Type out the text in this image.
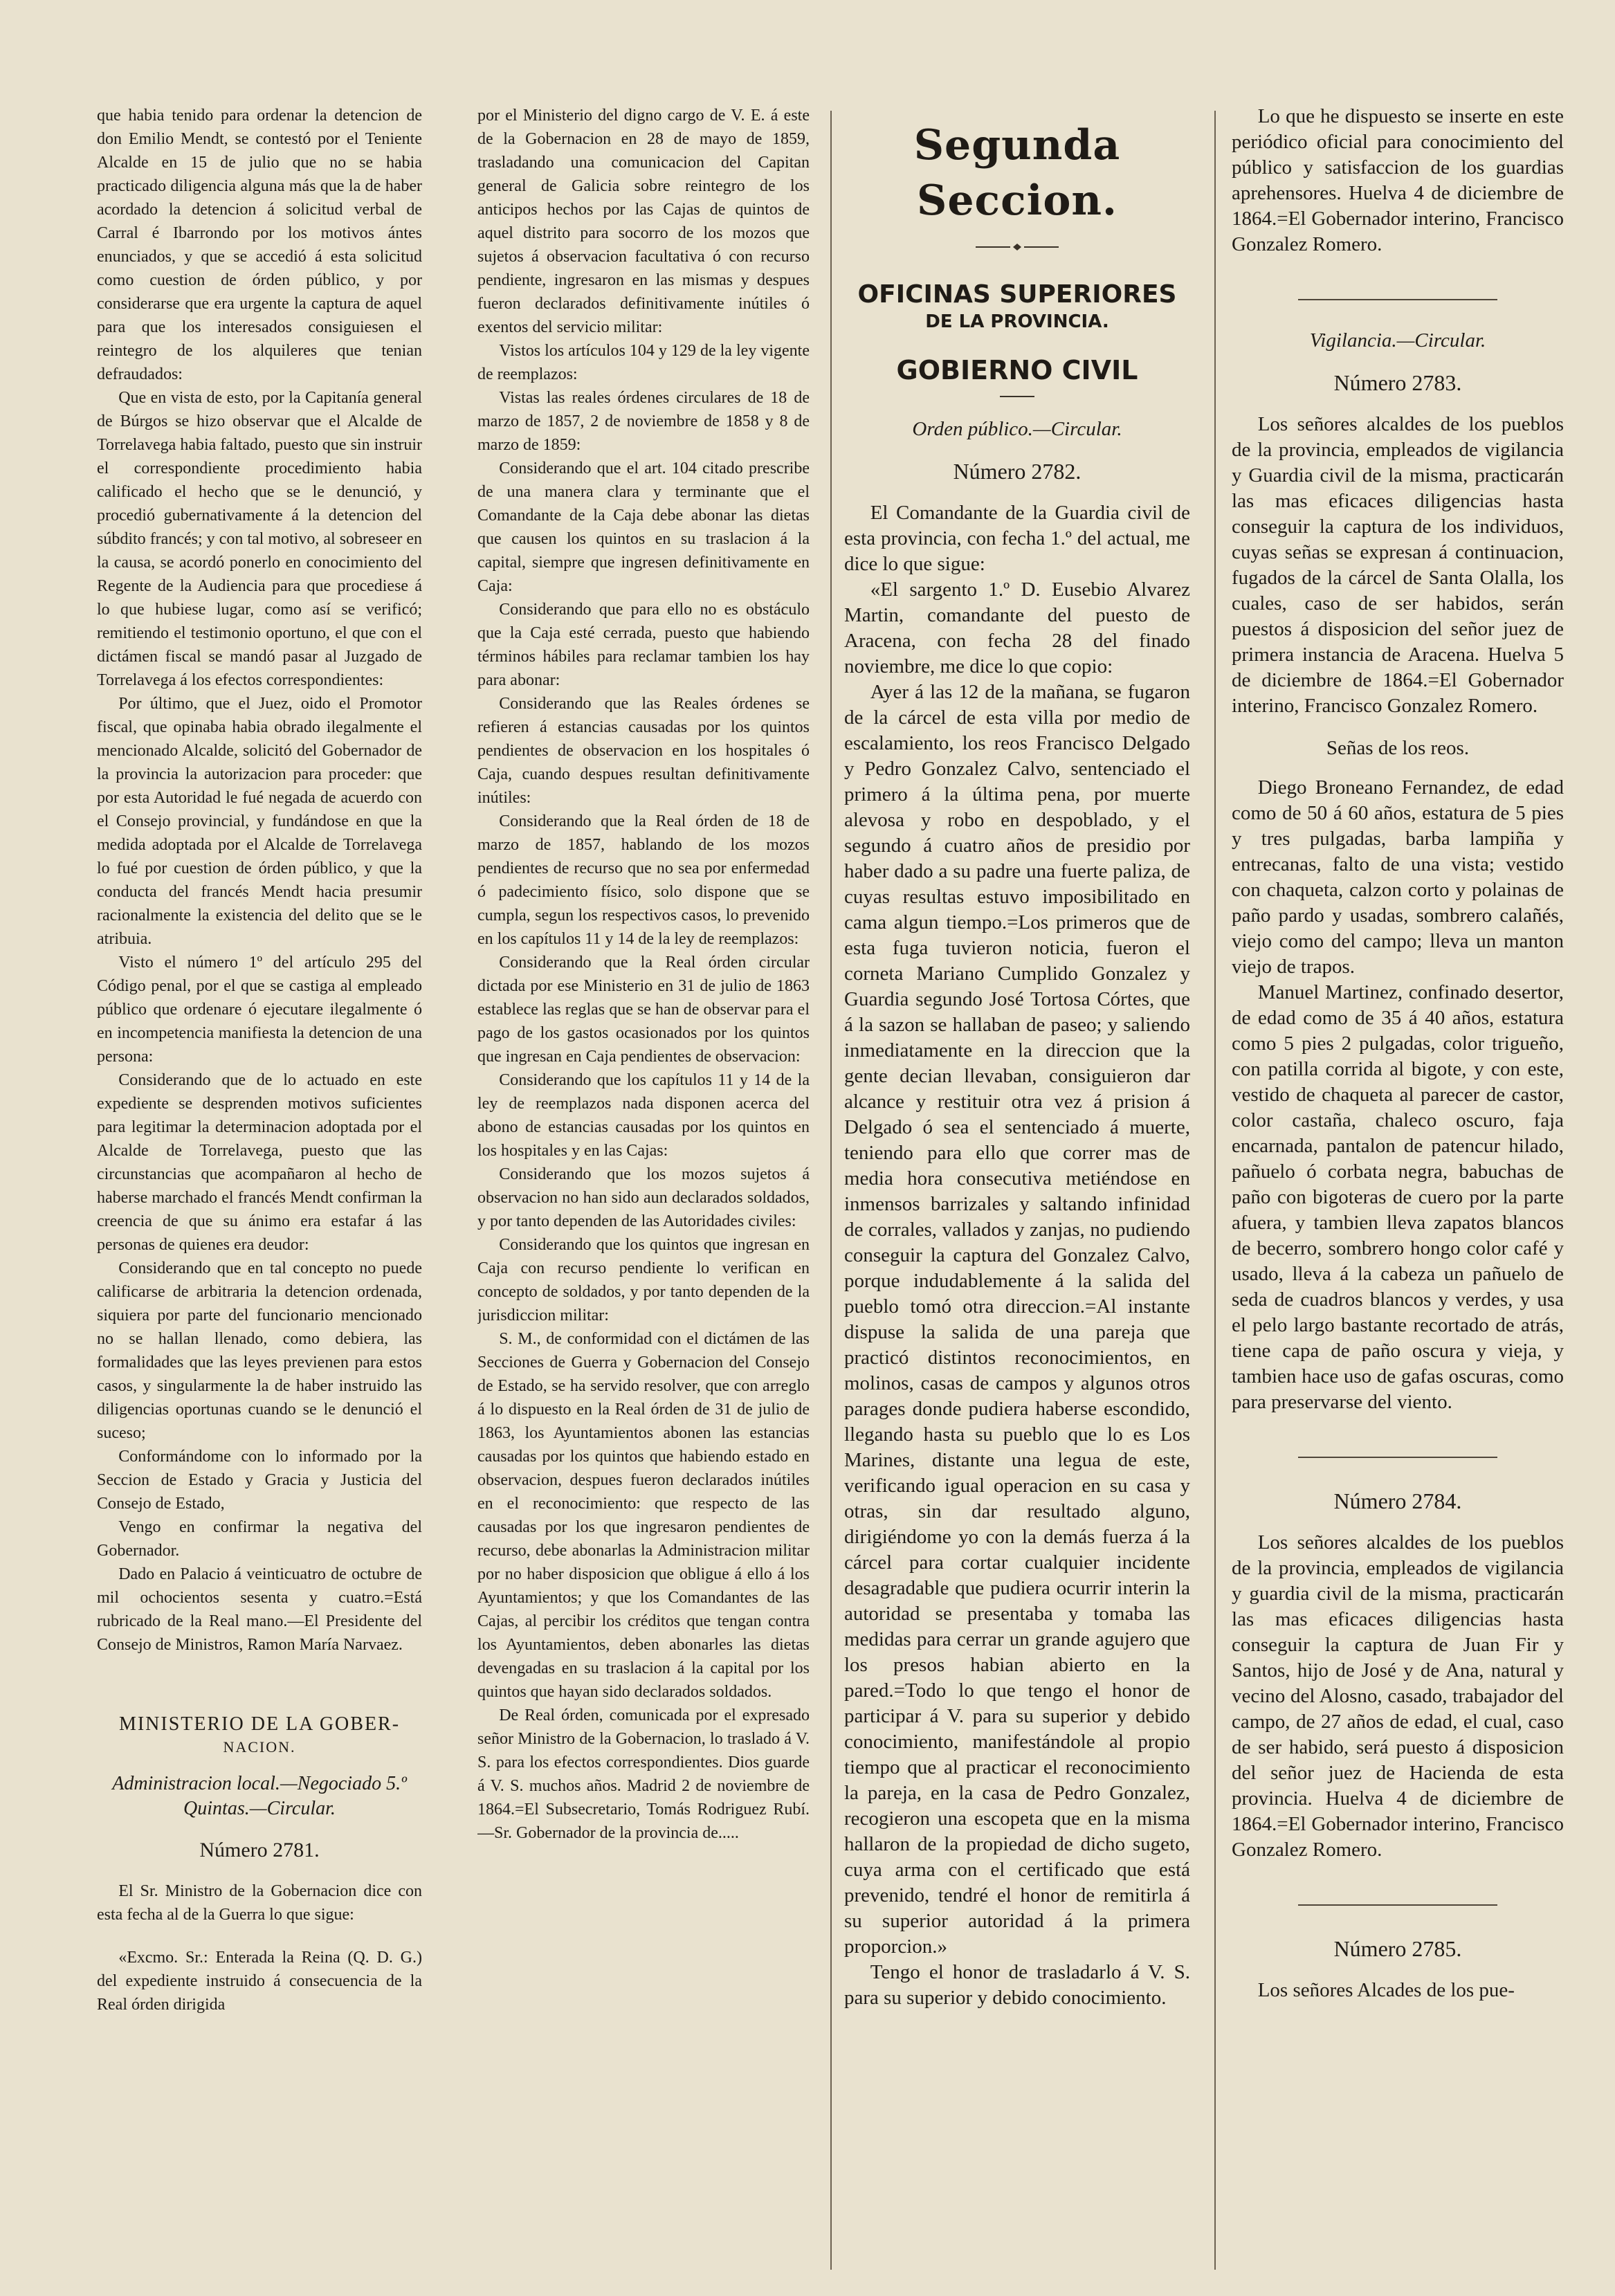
que habia tenido para ordenar la detencion de don Emilio Mendt, se contestó por el Teniente Alcalde en 15 de julio que no se habia practicado diligencia alguna más que la de haber acordado la detencion á solicitud verbal de Carral é Ibarrondo por los motivos ántes enunciados, y que se accedió á esta solicitud como cuestion de órden público, y por considerarse que era urgente la captura de aquel para que los interesados consiguiesen el reintegro de los alquileres que tenian defraudados:

Que en vista de esto, por la Capitanía general de Búrgos se hizo observar que el Alcalde de Torrelavega habia faltado, puesto que sin instruir el correspondiente procedimiento habia calificado el hecho que se le denunció, y procedió gubernativamente á la detencion del súbdito francés; y con tal motivo, al sobreseer en la causa, se acordó ponerlo en conocimiento del Regente de la Audiencia para que procediese á lo que hubiese lugar, como así se verificó; remitiendo el testimonio oportuno, el que con el dictámen fiscal se mandó pasar al Juzgado de Torrelavega á los efectos correspondientes:

Por último, que el Juez, oido el Promotor fiscal, que opinaba habia obrado ilegalmente el mencionado Alcalde, solicitó del Gobernador de la provincia la autorizacion para proceder: que por esta Autoridad le fué negada de acuerdo con el Consejo provincial, y fundándose en que la medida adoptada por el Alcalde de Torrelavega lo fué por cuestion de órden público, y que la conducta del francés Mendt hacia presumir racionalmente la existencia del delito que se le atribuia.

Visto el número 1º del artículo 295 del Código penal, por el que se castiga al empleado público que ordenare ó ejecutare ilegalmente ó en incompetencia manifiesta la detencion de una persona:

Considerando que de lo actuado en este expediente se desprenden motivos suficientes para legitimar la determinacion adoptada por el Alcalde de Torrelavega, puesto que las circunstancias que acompañaron al hecho de haberse marchado el francés Mendt confirman la creencia de que su ánimo era estafar á las personas de quienes era deudor:

Considerando que en tal concepto no puede calificarse de arbitraria la detencion ordenada, siquiera por parte del funcionario mencionado no se hallan llenado, como debiera, las formalidades que las leyes previenen para estos casos, y singularmente la de haber instruido las diligencias oportunas cuando se le denunció el suceso;

Conformándome con lo informado por la Seccion de Estado y Gracia y Justicia del Consejo de Estado,

Vengo en confirmar la negativa del Gobernador.

Dado en Palacio á veinticuatro de octubre de mil ochocientos sesenta y cuatro.=Está rubricado de la Real mano.—El Presidente del Consejo de Ministros, Ramon María Narvaez.

MINISTERIO DE LA GOBER-
NACION.
Administracion local.—Negociado 5.º Quintas.—Circular.
Número 2781.

El Sr. Ministro de la Gobernacion dice con esta fecha al de la Guerra lo que sigue:

«Excmo. Sr.: Enterada la Reina (Q. D. G.) del expediente instruido á consecuencia de la Real órden dirigida

por el Ministerio del digno cargo de V. E. á este de la Gobernacion en 28 de mayo de 1859, trasladando una comunicacion del Capitan general de Galicia sobre reintegro de los anticipos hechos por las Cajas de quintos de aquel distrito para socorro de los mozos que sujetos á observacion facultativa ó con recurso pendiente, ingresaron en las mismas y despues fueron declarados definitivamente inútiles ó exentos del servicio militar:

Vistos los artículos 104 y 129 de la ley vigente de reemplazos:

Vistas las reales órdenes circulares de 18 de marzo de 1857, 2 de noviembre de 1858 y 8 de marzo de 1859:

Considerando que el art. 104 citado prescribe de una manera clara y terminante que el Comandante de la Caja debe abonar las dietas que causen los quintos en su traslacion á la capital, siempre que ingresen definitivamente en Caja:

Considerando que para ello no es obstáculo que la Caja esté cerrada, puesto que habiendo términos hábiles para reclamar tambien los hay para abonar:

Considerando que las Reales órdenes se refieren á estancias causadas por los quintos pendientes de observacion en los hospitales ó Caja, cuando despues resultan definitivamente inútiles:

Considerando que la Real órden de 18 de marzo de 1857, hablando de los mozos pendientes de recurso que no sea por enfermedad ó padecimiento físico, solo dispone que se cumpla, segun los respectivos casos, lo prevenido en los capítulos 11 y 14 de la ley de reemplazos:

Considerando que la Real órden circular dictada por ese Ministerio en 31 de julio de 1863 establece las reglas que se han de observar para el pago de los gastos ocasionados por los quintos que ingresan en Caja pendientes de observacion:

Considerando que los capítulos 11 y 14 de la ley de reemplazos nada disponen acerca del abono de estancias causadas por los quintos en los hospitales y en las Cajas:

Considerando que los mozos sujetos á observacion no han sido aun declarados soldados, y por tanto dependen de las Autoridades civiles:

Considerando que los quintos que ingresan en Caja con recurso pendiente lo verifican en concepto de soldados, y por tanto dependen de la jurisdiccion militar:

S. M., de conformidad con el dictámen de las Secciones de Guerra y Gobernacion del Consejo de Estado, se ha servido resolver, que con arreglo á lo dispuesto en la Real órden de 31 de julio de 1863, los Ayuntamientos abonen las estancias causadas por los quintos que habiendo estado en observacion, despues fueron declarados inútiles en el reconocimiento: que respecto de las causadas por los que ingresaron pendientes de recurso, debe abonarlas la Administracion militar por no haber disposicion que obligue á ello á los Ayuntamientos; y que los Comandantes de las Cajas, al percibir los créditos que tengan contra los Ayuntamientos, deben abonarles las dietas devengadas en su traslacion á la capital por los quintos que hayan sido declarados soldados.

De Real órden, comunicada por el expresado señor Ministro de la Gobernacion, lo traslado á V. S. para los efectos correspondientes. Dios guarde á V. S. muchos años. Madrid 2 de noviembre de 1864.=El Subsecretario, Tomás Rodriguez Rubí.—Sr. Gobernador de la provincia de.....

Segunda Seccion.
OFICINAS SUPERIORES
DE LA PROVINCIA.
GOBIERNO CIVIL
Orden público.—Circular.
Número 2782.

El Comandante de la Guardia civil de esta provincia, con fecha 1.º del actual, me dice lo que sigue:

«El sargento 1.º D. Eusebio Alvarez Martin, comandante del puesto de Aracena, con fecha 28 del finado noviembre, me dice lo que copio:

Ayer á las 12 de la mañana, se fugaron de la cárcel de esta villa por medio de escalamiento, los reos Francisco Delgado y Pedro Gonzalez Calvo, sentenciado el primero á la última pena, por muerte alevosa y robo en despoblado, y el segundo á cuatro años de presidio por haber dado a su padre una fuerte paliza, de cuyas resultas estuvo imposibilitado en cama algun tiempo.=Los primeros que de esta fuga tuvieron noticia, fueron el corneta Mariano Cumplido Gonzalez y Guardia segundo José Tortosa Córtes, que á la sazon se hallaban de paseo; y saliendo inmediatamente en la direccion que la gente decian llevaban, consiguieron dar alcance y restituir otra vez á prision á Delgado ó sea el sentenciado á muerte, teniendo para ello que correr mas de media hora consecutiva metiéndose en inmensos barrizales y saltando infinidad de corrales, vallados y zanjas, no pudiendo conseguir la captura del Gonzalez Calvo, porque indudablemente á la salida del pueblo tomó otra direccion.=Al instante dispuse la salida de una pareja que practicó distintos reconocimientos, en molinos, casas de campos y algunos otros parages donde pudiera haberse escondido, llegando hasta su pueblo que lo es Los Marines, distante una legua de este, verificando igual operacion en su casa y otras, sin dar resultado alguno, dirigiéndome yo con la demás fuerza á la cárcel para cortar cualquier incidente desagradable que pudiera ocurrir interin la autoridad se presentaba y tomaba las medidas para cerrar un grande agujero que los presos habian abierto en la pared.=Todo lo que tengo el honor de participar á V. para su superior y debido conocimiento, manifestándole al propio tiempo que al practicar el reconocimiento la pareja, en la casa de Pedro Gonzalez, recogieron una escopeta que en la misma hallaron de la propiedad de dicho sugeto, cuya arma con el certificado que está prevenido, tendré el honor de remitirla á su superior autoridad á la primera proporcion.»

Tengo el honor de trasladarlo á V. S. para su superior y debido conocimiento.

Lo que he dispuesto se inserte en este periódico oficial para conocimiento del público y satisfaccion de los guardias aprehensores. Huelva 4 de diciembre de 1864.=El Gobernador interino, Francisco Gonzalez Romero.

Vigilancia.—Circular.
Número 2783.

Los señores alcaldes de los pueblos de la provincia, empleados de vigilancia y Guardia civil de la misma, practicarán las mas eficaces diligencias hasta conseguir la captura de los individuos, cuyas señas se expresan á continuacion, fugados de la cárcel de Santa Olalla, los cuales, caso de ser habidos, serán puestos á disposicion del señor juez de primera instancia de Aracena. Huelva 5 de diciembre de 1864.=El Gobernador interino, Francisco Gonzalez Romero.

Señas de los reos.

Diego Broneano Fernandez, de edad como de 50 á 60 años, estatura de 5 pies y tres pulgadas, barba lampiña y entrecanas, falto de una vista; vestido con chaqueta, calzon corto y polainas de paño pardo y usadas, sombrero calañés, viejo como del campo; lleva un manton viejo de trapos.

Manuel Martinez, confinado desertor, de edad como de 35 á 40 años, estatura como 5 pies 2 pulgadas, color trigueño, con patilla corrida al bigote, y con este, vestido de chaqueta al parecer de castor, color castaña, chaleco oscuro, faja encarnada, pantalon de patencur hilado, pañuelo ó corbata negra, babuchas de paño con bigoteras de cuero por la parte afuera, y tambien lleva zapatos blancos de becerro, sombrero hongo color café y usado, lleva á la cabeza un pañuelo de seda de cuadros blancos y verdes, y usa el pelo largo bastante recortado de atrás, tiene capa de paño oscura y vieja, y tambien hace uso de gafas oscuras, como para preservarse del viento.

Número 2784.

Los señores alcaldes de los pueblos de la provincia, empleados de vigilancia y guardia civil de la misma, practicarán las mas eficaces diligencias hasta conseguir la captura de Juan Fir y Santos, hijo de José y de Ana, natural y vecino del Alosno, casado, trabajador del campo, de 27 años de edad, el cual, caso de ser habido, será puesto á disposicion del señor juez de Hacienda de esta provincia. Huelva 4 de diciembre de 1864.=El Gobernador interino, Francisco Gonzalez Romero.

Número 2785.

Los señores Alcades de los pue-
